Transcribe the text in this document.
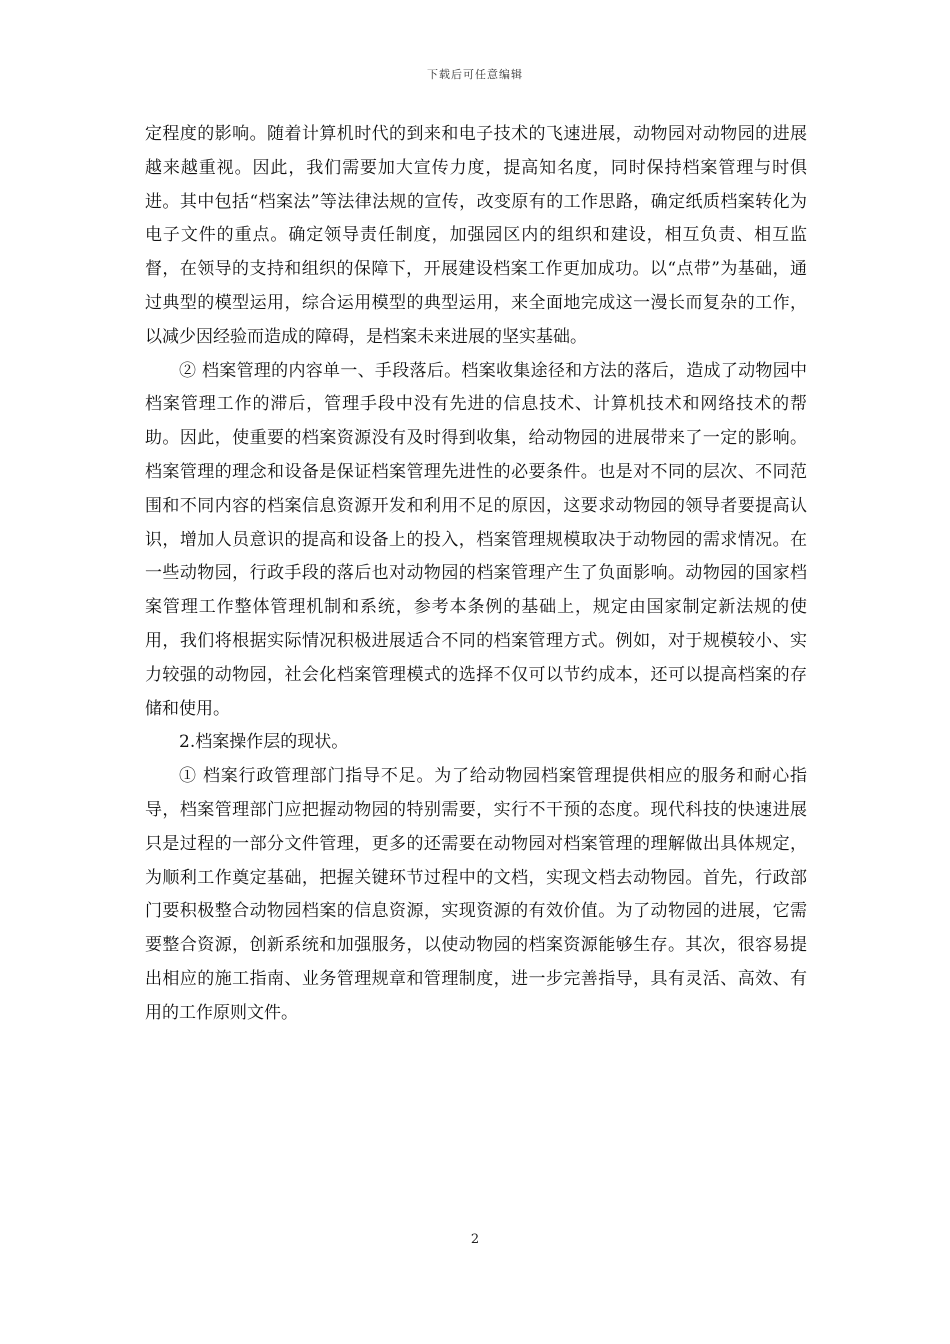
下载后可任意编辑

定程度的影响。随着计算机时代的到来和电子技术的飞速进展，动物园对动物园的进展越来越重视。因此，我们需要加大宣传力度，提高知名度，同时保持档案管理与时俱进。其中包括“档案法”等法律法规的宣传，改变原有的工作思路，确定纸质档案转化为电子文件的重点。确定领导责任制度，加强园区内的组织和建设，相互负责、相互监督，在领导的支持和组织的保障下，开展建设档案工作更加成功。以“点带”为基础，通过典型的模型运用，综合运用模型的典型运用，来全面地完成这一漫长而复杂的工作，以减少因经验而造成的障碍，是档案未来进展的坚实基础。

② 档案管理的内容单一、手段落后。档案收集途径和方法的落后，造成了动物园中档案管理工作的滞后，管理手段中没有先进的信息技术、计算机技术和网络技术的帮助。因此，使重要的档案资源没有及时得到收集，给动物园的进展带来了一定的影响。档案管理的理念和设备是保证档案管理先进性的必要条件。也是对不同的层次、不同范围和不同内容的档案信息资源开发和利用不足的原因，这要求动物园的领导者要提高认识，增加人员意识的提高和设备上的投入，档案管理规模取决于动物园的需求情况。在一些动物园，行政手段的落后也对动物园的档案管理产生了负面影响。动物园的国家档案管理工作整体管理机制和系统，参考本条例的基础上，规定由国家制定新法规的使用，我们将根据实际情况积极进展适合不同的档案管理方式。例如，对于规模较小、实力较强的动物园，社会化档案管理模式的选择不仅可以节约成本，还可以提高档案的存储和使用。

2.档案操作层的现状。

① 档案行政管理部门指导不足。为了给动物园档案管理提供相应的服务和耐心指导，档案管理部门应把握动物园的特别需要，实行不干预的态度。现代科技的快速进展只是过程的一部分文件管理，更多的还需要在动物园对档案管理的理解做出具体规定，为顺利工作奠定基础，把握关键环节过程中的文档，实现文档去动物园。首先，行政部门要积极整合动物园档案的信息资源，实现资源的有效价值。为了动物园的进展，它需要整合资源，创新系统和加强服务，以使动物园的档案资源能够生存。其次，很容易提出相应的施工指南、业务管理规章和管理制度，进一步完善指导，具有灵活、高效、有用的工作原则文件。

2
